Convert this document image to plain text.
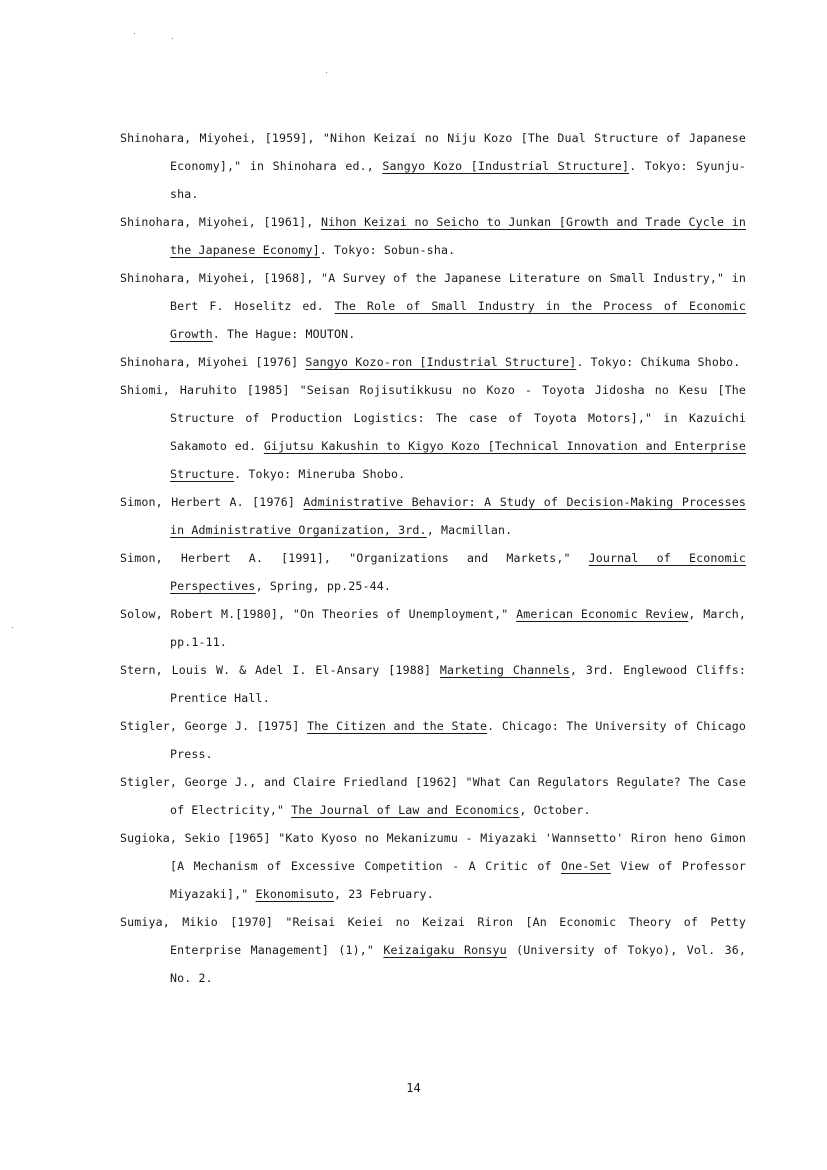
Shinohara, Miyohei, [1959], "Nihon Keizai no Niju Kozo [The Dual Structure of Japanese Economy]," in Shinohara ed., Sangyo Kozo [Industrial Structure]. Tokyo: Syunju-sha.

Shinohara, Miyohei, [1961], Nihon Keizai no Seicho to Junkan [Growth and Trade Cycle in the Japanese Economy]. Tokyo: Sobun-sha.

Shinohara, Miyohei, [1968], "A Survey of the Japanese Literature on Small Industry," in Bert F. Hoselitz ed. The Role of Small Industry in the Process of Economic Growth. The Hague: MOUTON.

Shinohara, Miyohei [1976] Sangyo Kozo-ron [Industrial Structure]. Tokyo: Chikuma Shobo.

Shiomi, Haruhito [1985] "Seisan Rojisutikkusu no Kozo - Toyota Jidosha no Kesu [The Structure of Production Logistics: The case of Toyota Motors]," in Kazuichi Sakamoto ed. Gijutsu Kakushin to Kigyo Kozo [Technical Innovation and Enterprise Structure. Tokyo: Mineruba Shobo.

Simon, Herbert A. [1976] Administrative Behavior: A Study of Decision-Making Processes in Administrative Organization, 3rd., Macmillan.

Simon, Herbert A. [1991], "Organizations and Markets," Journal of Economic Perspectives, Spring, pp.25-44.

Solow, Robert M.[1980], "On Theories of Unemployment," American Economic Review, March, pp.1-11.

Stern, Louis W. & Adel I. El-Ansary [1988] Marketing Channels, 3rd. Englewood Cliffs: Prentice Hall.

Stigler, George J. [1975] The Citizen and the State. Chicago: The University of Chicago Press.

Stigler, George J., and Claire Friedland [1962] "What Can Regulators Regulate? The Case of Electricity," The Journal of Law and Economics, October.

Sugioka, Sekio [1965] "Kato Kyoso no Mekanizumu - Miyazaki 'Wannsetto' Riron heno Gimon [A Mechanism of Excessive Competition - A Critic of One-Set View of Professor Miyazaki]," Ekonomisuto, 23 February.

Sumiya, Mikio [1970] "Reisai Keiei no Keizai Riron [An Economic Theory of Petty Enterprise Management] (1)," Keizaigaku Ronsyu (University of Tokyo), Vol. 36, No. 2.

14
